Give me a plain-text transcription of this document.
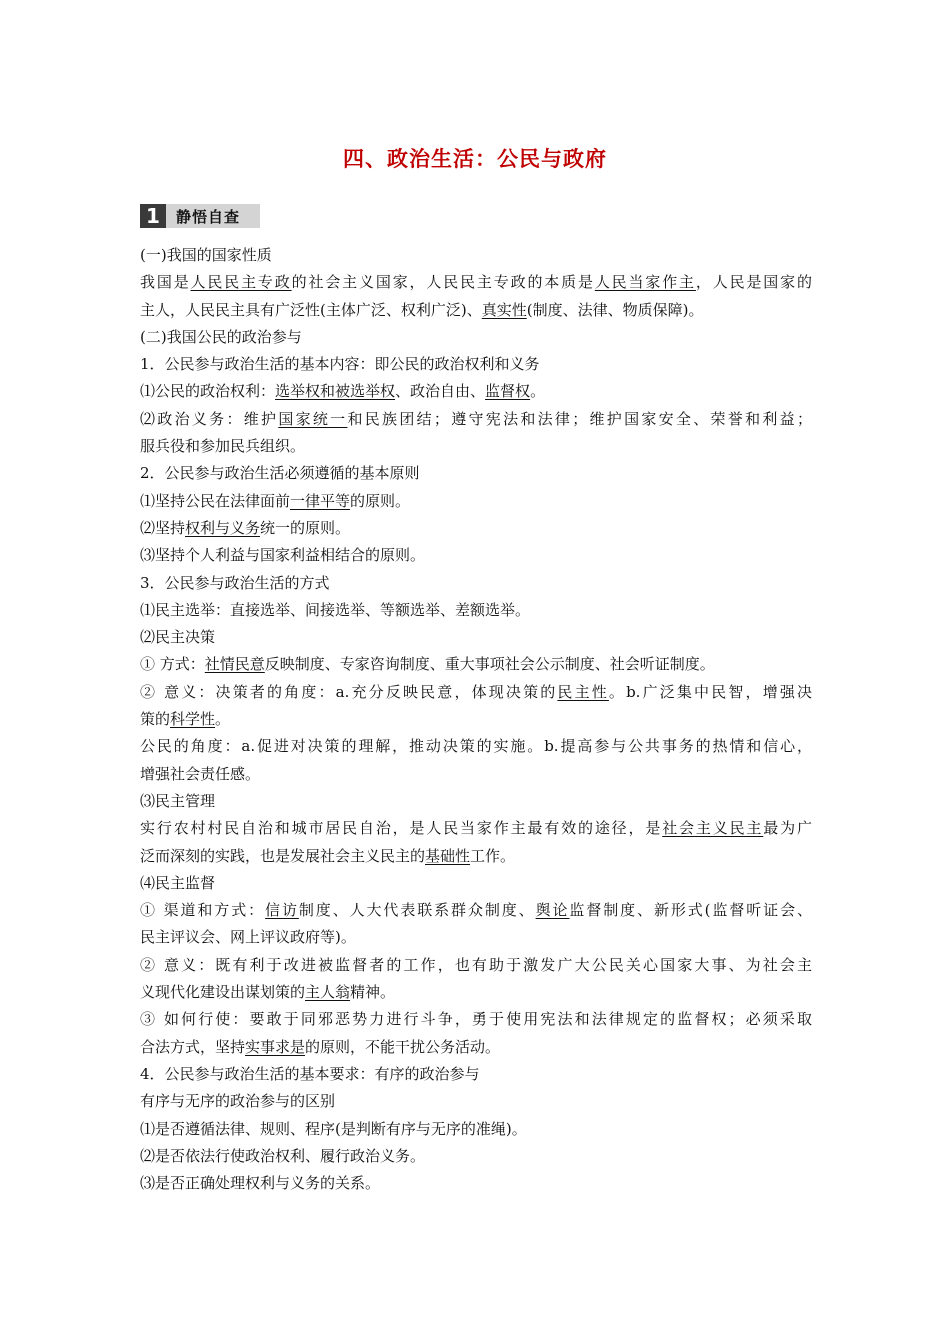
四、政治生活：公民与政府
1	静悟自查
(一)我国的国家性质
我国是人民民主专政的社会主义国家，人民民主专政的本质是人民当家作主，人民是国家的
主人，人民民主具有广泛性(主体广泛、权利广泛)、真实性(制度、法律、物质保障)。
(二)我国公民的政治参与
1．公民参与政治生活的基本内容：即公民的政治权利和义务
⑴公民的政治权利：选举权和被选举权、政治自由、监督权。
⑵政治义务：维护国家统一和民族团结；遵守宪法和法律；维护国家安全、荣誉和利益；
服兵役和参加民兵组织。
2．公民参与政治生活必须遵循的基本原则
⑴坚持公民在法律面前一律平等的原则。
⑵坚持权利与义务统一的原则。
⑶坚持个人利益与国家利益相结合的原则。
3．公民参与政治生活的方式
⑴民主选举：直接选举、间接选举、等额选举、差额选举。
⑵民主决策
① 方式：社情民意反映制度、专家咨询制度、重大事项社会公示制度、社会听证制度。
② 意义：决策者的角度：a.充分反映民意，体现决策的民主性。b.广泛集中民智，增强决
策的科学性。
公民的角度：a.促进对决策的理解，推动决策的实施。b.提高参与公共事务的热情和信心，
增强社会责任感。
⑶民主管理
实行农村村民自治和城市居民自治，是人民当家作主最有效的途径，是社会主义民主最为广
泛而深刻的实践，也是发展社会主义民主的基础性工作。
⑷民主监督
① 渠道和方式：信访制度、人大代表联系群众制度、舆论监督制度、新形式(监督听证会、
民主评议会、网上评议政府等)。
② 意义：既有利于改进被监督者的工作，也有助于激发广大公民关心国家大事、为社会主
义现代化建设出谋划策的主人翁精神。
③ 如何行使：要敢于同邪恶势力进行斗争，勇于使用宪法和法律规定的监督权；必须采取
合法方式，坚持实事求是的原则，不能干扰公务活动。
4．公民参与政治生活的基本要求：有序的政治参与
有序与无序的政治参与的区别
⑴是否遵循法律、规则、程序(是判断有序与无序的准绳)。
⑵是否依法行使政治权利、履行政治义务。
⑶是否正确处理权利与义务的关系。
